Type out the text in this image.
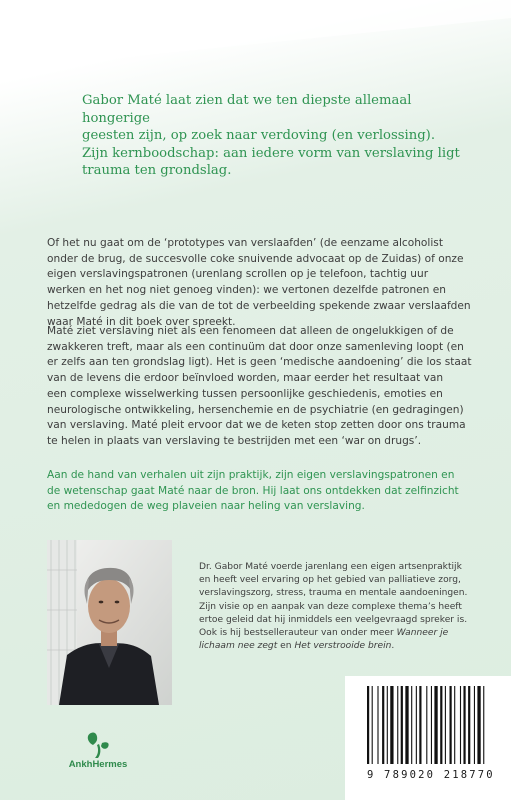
Gabor Maté laat zien dat we ten diepste allemaal hongerige
geesten zijn, op zoek naar verdoving (en verlossing).
Zijn kernboodschap: aan iedere vorm van verslaving ligt
trauma ten grondslag.

Of het nu gaat om de ‘prototypes van verslaafden’ (de eenzame alcoholist
onder de brug, de succesvolle coke snuivende advocaat op de Zuidas) of onze
eigen verslavingspatronen (urenlang scrollen op je telefoon, tachtig uur
werken en het nog niet genoeg vinden): we vertonen dezelfde patronen en
hetzelfde gedrag als die van de tot de verbeelding spekende zwaar verslaafden
waar Maté in dit boek over spreekt.

Maté ziet verslaving niet als een fenomeen dat alleen de ongelukkigen of de
zwakkeren treft, maar als een continuüm dat door onze samenleving loopt (en
er zelfs aan ten grondslag ligt). Het is geen ‘medische aandoening’ die los staat
van de levens die erdoor beïnvloed worden, maar eerder het resultaat van
een complexe wisselwerking tussen persoonlijke geschiedenis, emoties en
neurologische ontwikkeling, hersenchemie en de psychiatrie (en gedragingen)
van verslaving. Maté pleit ervoor dat we de keten stop zetten door ons trauma
te helen in plaats van verslaving te bestrijden met een ‘war on drugs’.

Aan de hand van verhalen uit zijn praktijk, zijn eigen verslavingspatronen en
de wetenschap gaat Maté naar de bron. Hij laat ons ontdekken dat zelfinzicht
en mededogen de weg plaveien naar heling van verslaving.

Dr. Gabor Maté voerde jarenlang een eigen artsenpraktijk
en heeft veel ervaring op het gebied van palliatieve zorg,
verslavingszorg, stress, trauma en mentale aandoeningen.
Zijn visie op en aanpak van deze complexe thema’s heeft
ertoe geleid dat hij inmiddels een veelgevraagd spreker is.
Ook is hij bestsellerauteur van onder meer Wanneer je lichaam nee zegt en Het verstrooide brein.

AnkhHermes
9 789020 218770
